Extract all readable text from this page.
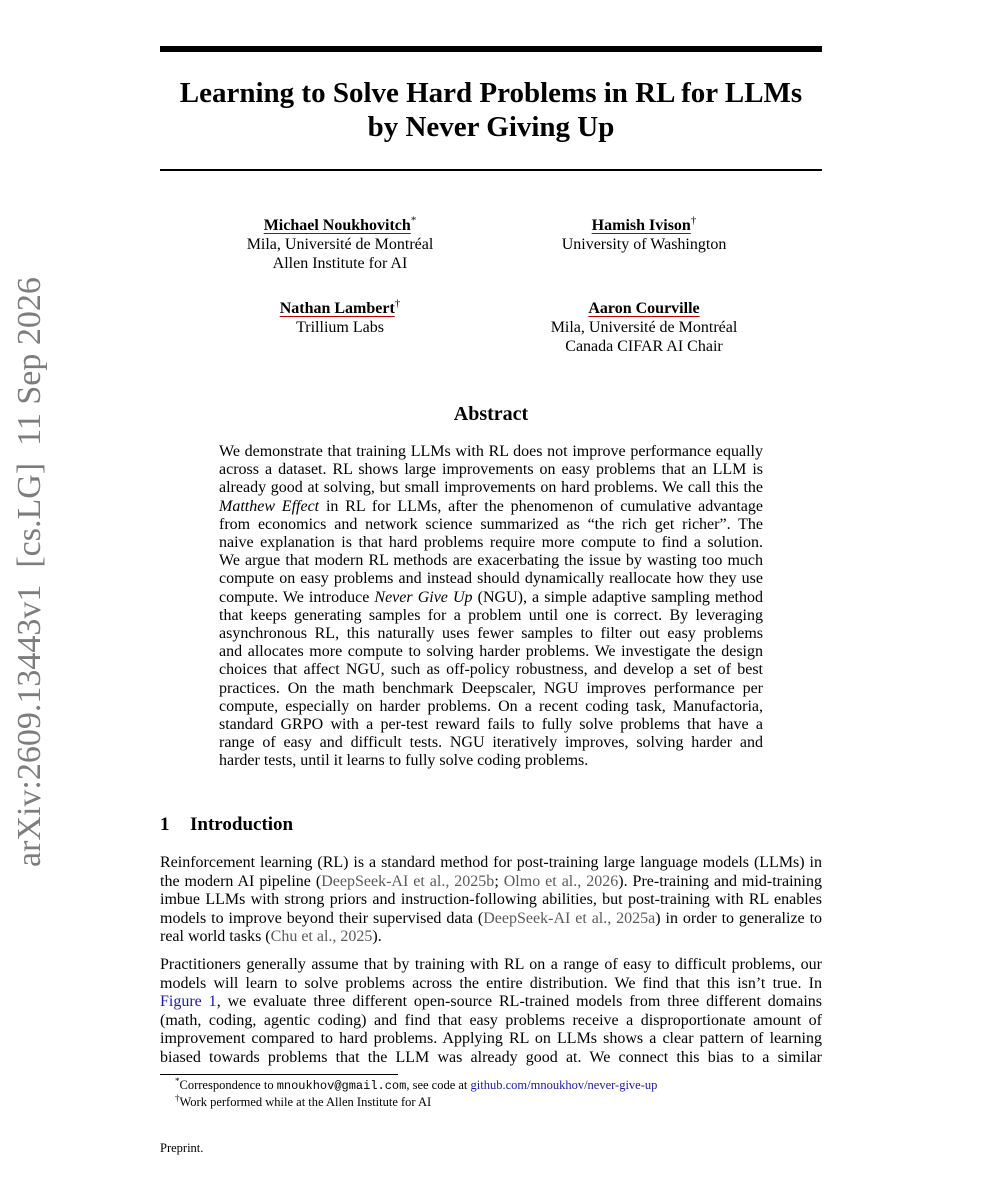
arXiv:2609.13443v1  [cs.LG]  11 Sep 2026
Learning to Solve Hard Problems in RL for LLMs
by Never Giving Up
Michael Noukhovitch*
Mila, Université de Montréal
Allen Institute for AI
Hamish Ivison†
University of Washington
Nathan Lambert†
Trillium Labs
Aaron Courville
Mila, Université de Montréal
Canada CIFAR AI Chair
Abstract
We demonstrate that training LLMs with RL does not improve performance equally
across a dataset. RL shows large improvements on easy problems that an LLM is
already good at solving, but small improvements on hard problems. We call this the
Matthew Effect in RL for LLMs, after the phenomenon of cumulative advantage
from economics and network science summarized as “the rich get richer”. The
naive explanation is that hard problems require more compute to find a solution.
We argue that modern RL methods are exacerbating the issue by wasting too much
compute on easy problems and instead should dynamically reallocate how they use
compute. We introduce Never Give Up (NGU), a simple adaptive sampling method
that keeps generating samples for a problem until one is correct. By leveraging
asynchronous RL, this naturally uses fewer samples to filter out easy problems
and allocates more compute to solving harder problems. We investigate the design
choices that affect NGU, such as off-policy robustness, and develop a set of best
practices. On the math benchmark Deepscaler, NGU improves performance per
compute, especially on harder problems. On a recent coding task, Manufactoria,
standard GRPO with a per-test reward fails to fully solve problems that have a
range of easy and difficult tests. NGU iteratively improves, solving harder and
harder tests, until it learns to fully solve coding problems.
1 Introduction
Reinforcement learning (RL) is a standard method for post-training large language models (LLMs) in
the modern AI pipeline (DeepSeek-AI et al., 2025b; Olmo et al., 2026). Pre-training and mid-training
imbue LLMs with strong priors and instruction-following abilities, but post-training with RL enables
models to improve beyond their supervised data (DeepSeek-AI et al., 2025a) in order to generalize to
real world tasks (Chu et al., 2025).
Practitioners generally assume that by training with RL on a range of easy to difficult problems, our
models will learn to solve problems across the entire distribution. We find that this isn’t true. In
Figure 1, we evaluate three different open-source RL-trained models from three different domains
(math, coding, agentic coding) and find that easy problems receive a disproportionate amount of
improvement compared to hard problems. Applying RL on LLMs shows a clear pattern of learning
biased towards problems that the LLM was already good at. We connect this bias to a similar
*Correspondence to mnoukhov@gmail.com, see code at github.com/mnoukhov/never-give-up
†Work performed while at the Allen Institute for AI
Preprint.
